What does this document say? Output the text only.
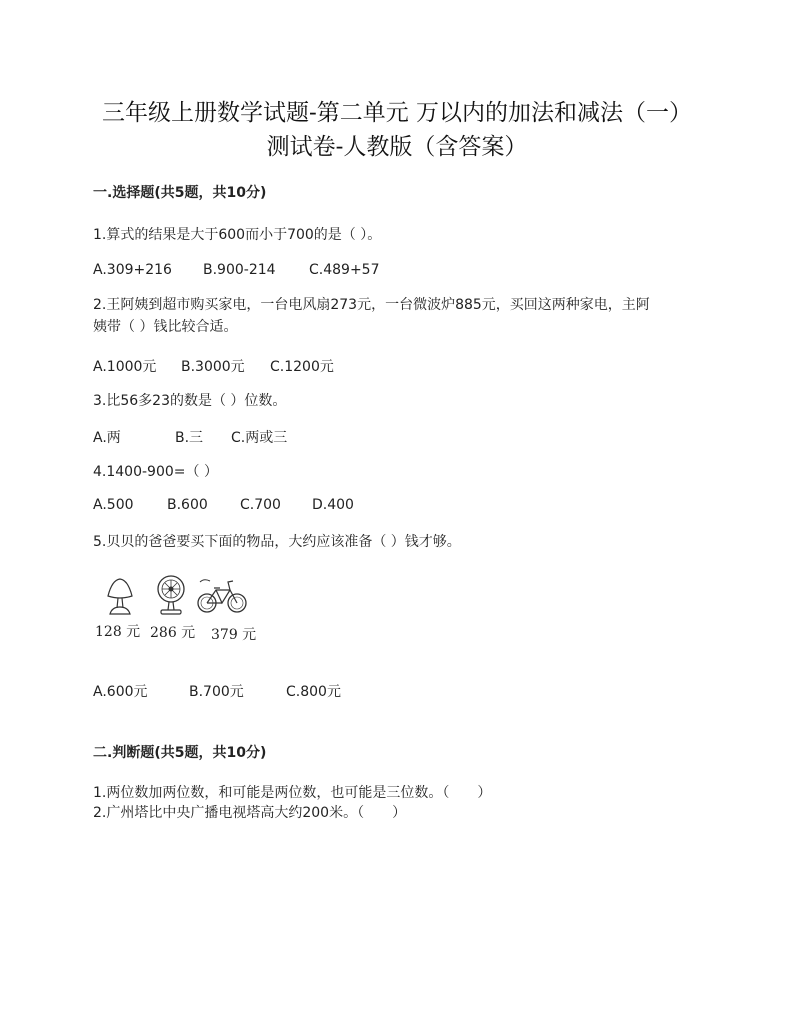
三年级上册数学试题-第二单元 万以内的加法和减法（一）
测试卷-人教版（含答案）
一.选择题(共5题，共10分)
1.算式的结果是大于600而小于700的是（ ）。
A.309+216 B.900-214 C.489+57
2.王阿姨到超市购买家电，一台电风扇273元，一台微波炉885元，买回这两种家电，主阿
姨带（ ）钱比较合适。
A.1000元 B.3000元 C.1200元
3.比56多23的数是（ ）位数。
A.两	B.三 C.两或三
4.1400-900=（ ）
A.500 B.600 C.700 D.400
5.贝贝的爸爸要买下面的物品，大约应该准备（ ）钱才够。
128 元 286 元 379 元
A.600元	B.700元	C.800元
二.判断题(共5题，共10分)
1.两位数加两位数，和可能是两位数，也可能是三位数。（　　）
2.广州塔比中央广播电视塔高大约200米。（　　）
